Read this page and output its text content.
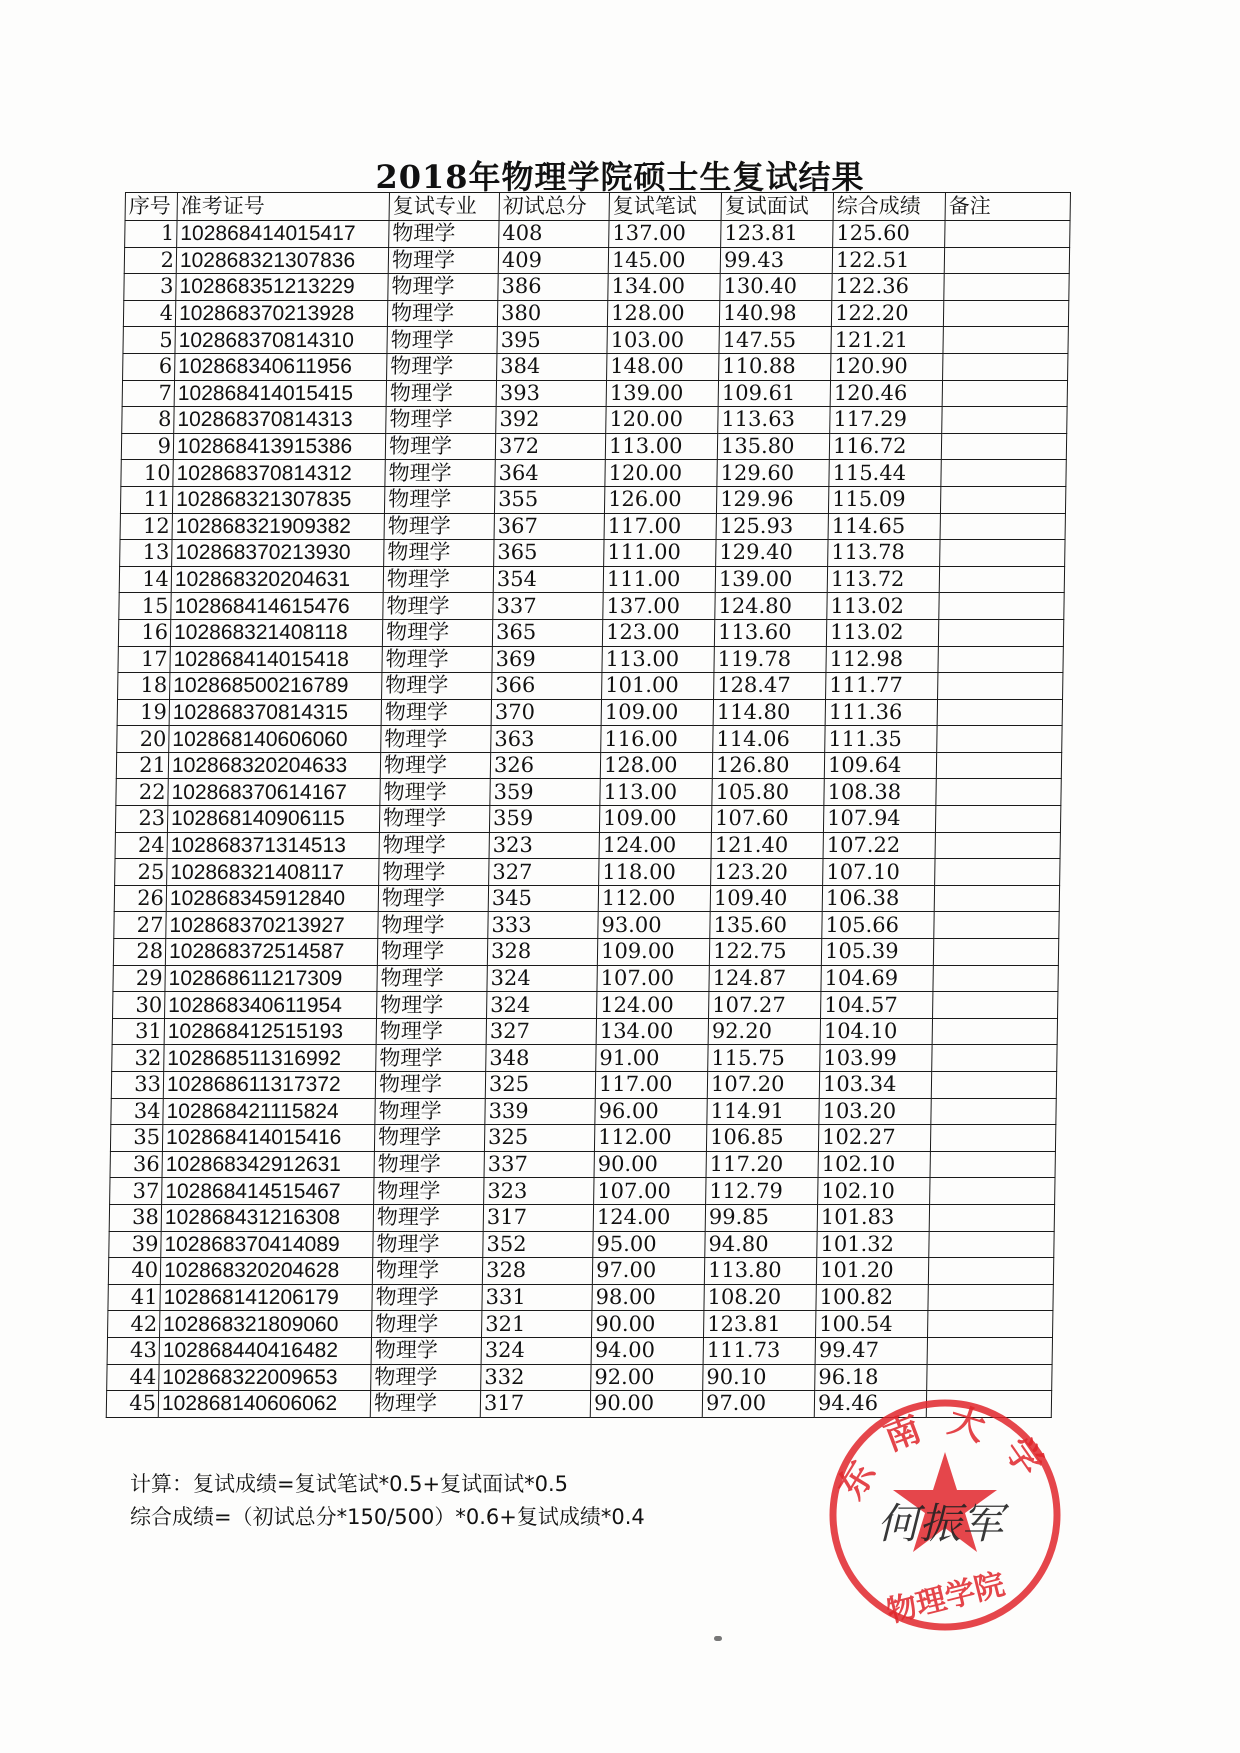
2018年物理学院硕士生复试结果
序号	准考证号	复试专业	初试总分	复试笔试	复试面试	综合成绩	备注
1	102868414015417	物理学	408	137.00	123.81	125.60	
2	102868321307836	物理学	409	145.00	99.43	122.51	
3	102868351213229	物理学	386	134.00	130.40	122.36	
4	102868370213928	物理学	380	128.00	140.98	122.20	
5	102868370814310	物理学	395	103.00	147.55	121.21	
6	102868340611956	物理学	384	148.00	110.88	120.90	
7	102868414015415	物理学	393	139.00	109.61	120.46	
8	102868370814313	物理学	392	120.00	113.63	117.29	
9	102868413915386	物理学	372	113.00	135.80	116.72	
10	102868370814312	物理学	364	120.00	129.60	115.44	
11	102868321307835	物理学	355	126.00	129.96	115.09	
12	102868321909382	物理学	367	117.00	125.93	114.65	
13	102868370213930	物理学	365	111.00	129.40	113.78	
14	102868320204631	物理学	354	111.00	139.00	113.72	
15	102868414615476	物理学	337	137.00	124.80	113.02	
16	102868321408118	物理学	365	123.00	113.60	113.02	
17	102868414015418	物理学	369	113.00	119.78	112.98	
18	102868500216789	物理学	366	101.00	128.47	111.77	
19	102868370814315	物理学	370	109.00	114.80	111.36	
20	102868140606060	物理学	363	116.00	114.06	111.35	
21	102868320204633	物理学	326	128.00	126.80	109.64	
22	102868370614167	物理学	359	113.00	105.80	108.38	
23	102868140906115	物理学	359	109.00	107.60	107.94	
24	102868371314513	物理学	323	124.00	121.40	107.22	
25	102868321408117	物理学	327	118.00	123.20	107.10	
26	102868345912840	物理学	345	112.00	109.40	106.38	
27	102868370213927	物理学	333	93.00	135.60	105.66	
28	102868372514587	物理学	328	109.00	122.75	105.39	
29	102868611217309	物理学	324	107.00	124.87	104.69	
30	102868340611954	物理学	324	124.00	107.27	104.57	
31	102868412515193	物理学	327	134.00	92.20	104.10	
32	102868511316992	物理学	348	91.00	115.75	103.99	
33	102868611317372	物理学	325	117.00	107.20	103.34	
34	102868421115824	物理学	339	96.00	114.91	103.20	
35	102868414015416	物理学	325	112.00	106.85	102.27	
36	102868342912631	物理学	337	90.00	117.20	102.10	
37	102868414515467	物理学	323	107.00	112.79	102.10	
38	102868431216308	物理学	317	124.00	99.85	101.83	
39	102868370414089	物理学	352	95.00	94.80	101.32	
40	102868320204628	物理学	328	97.00	113.80	101.20	
41	102868141206179	物理学	331	98.00	108.20	100.82	
42	102868321809060	物理学	321	90.00	123.81	100.54	
43	102868440416482	物理学	324	94.00	111.73	99.47	
44	102868322009653	物理学	332	92.00	90.10	96.18	
45	102868140606062	物理学	317	90.00	97.00	94.46	
计算：复试成绩=复试笔试*0.5+复试面试*0.5
综合成绩=（初试总分*150/500）*0.6+复试成绩*0.4
东南大学
物理学院
何振军
